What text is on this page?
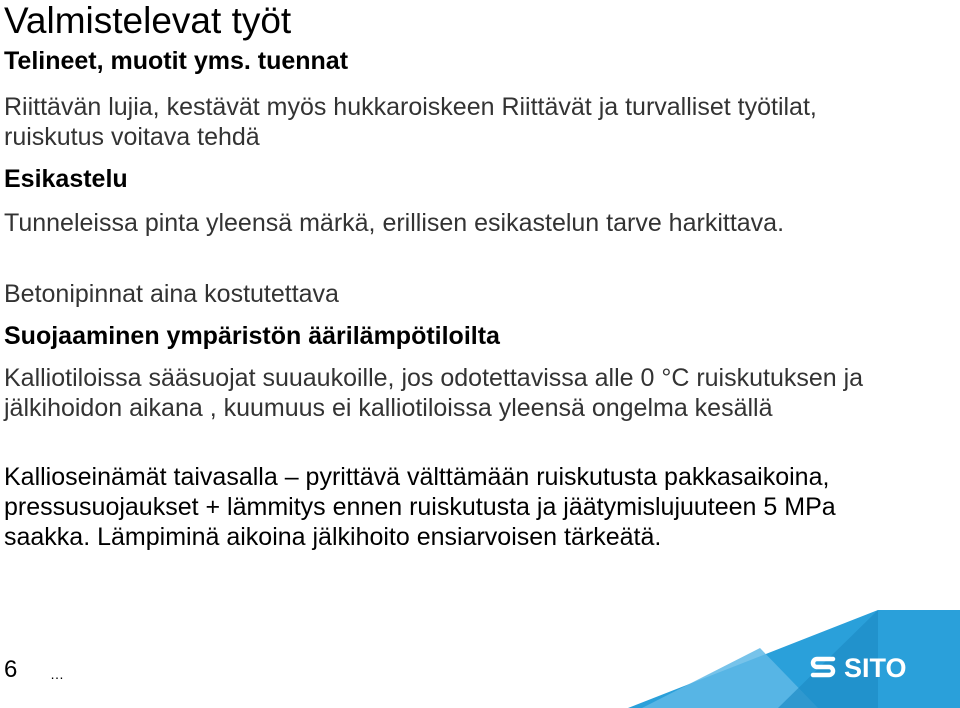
Valmistelevat työt
Telineet, muotit yms. tuennat
Riittävän lujia, kestävät myös hukkaroiskeen Riittävät ja turvalliset työtilat, ruiskutus voitava tehdä
Esikastelu
Tunneleissa pinta yleensä märkä, erillisen esikastelun tarve harkittava.
Betonipinnat aina kostutettava
Suojaaminen ympäristön äärilämpötiloilta
Kalliotiloissa sääsuojat suuaukoille, jos odotettavissa alle 0 °C ruiskutuksen ja jälkihoidon aikana , kuumuus ei kalliotiloissa yleensä ongelma kesällä
Kallioseinämät taivasalla – pyrittävä välttämään ruiskutusta pakkasaikoina, pressusuojaukset + lämmitys ennen ruiskutusta ja jäätymislujuuteen 5 MPa saakka. Lämpiminä aikoina jälkihoito ensiarvoisen tärkeätä.
6 …	SITO
